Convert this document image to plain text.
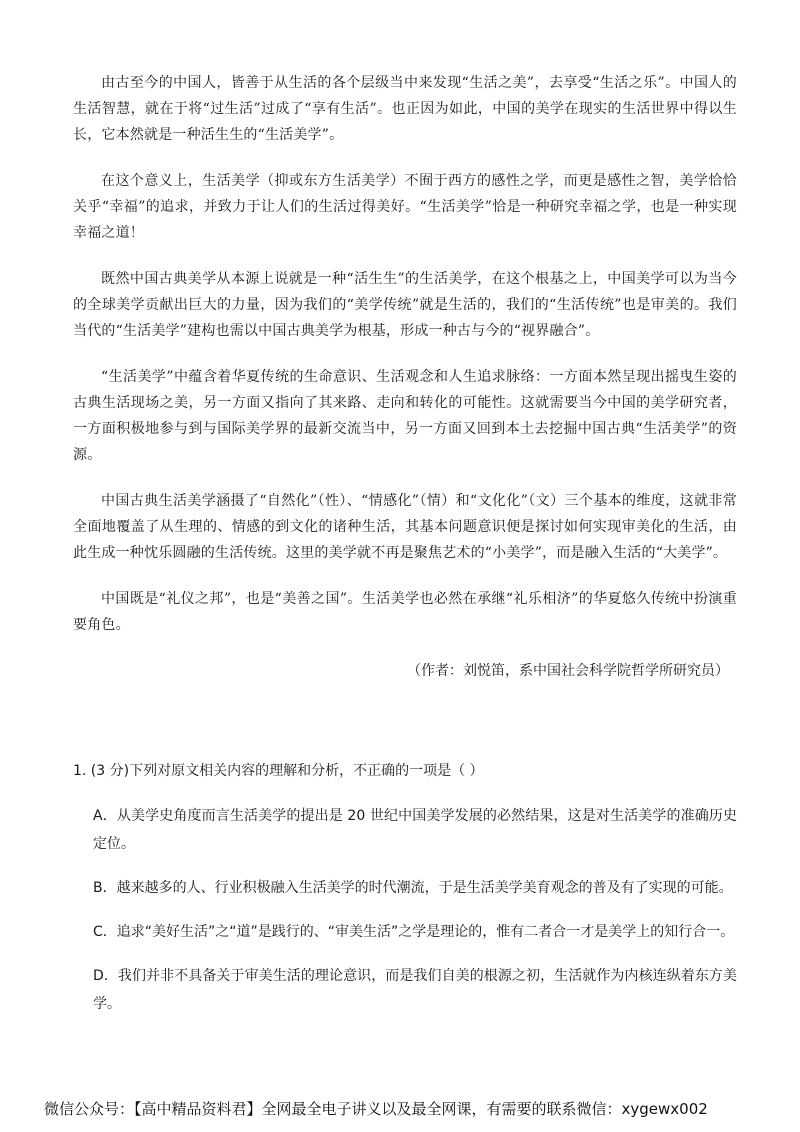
由古至今的中国人，皆善于从生活的各个层级当中来发现“生活之美”，去享受“生活之乐”。中国人的生活智慧，就在于将“过生活”过成了“享有生活”。也正因为如此，中国的美学在现实的生活世界中得以生长，它本然就是一种活生生的“生活美学”。

在这个意义上，生活美学（抑或东方生活美学）不囿于西方的感性之学，而更是感性之智，美学恰恰关乎“幸福”的追求，并致力于让人们的生活过得美好。“生活美学”恰是一种研究幸福之学，也是一种实现幸福之道！

既然中国古典美学从本源上说就是一种“活生生”的生活美学，在这个根基之上，中国美学可以为当今的全球美学贡献出巨大的力量，因为我们的“美学传统”就是生活的，我们的“生活传统”也是审美的。我们当代的“生活美学”建构也需以中国古典美学为根基，形成一种古与今的“视界融合”。

“生活美学”中蕴含着华夏传统的生命意识、生活观念和人生追求脉络：一方面本然呈现出摇曳生姿的古典生活现场之美，另一方面又指向了其来路、走向和转化的可能性。这就需要当今中国的美学研究者，一方面积极地参与到与国际美学界的最新交流当中，另一方面又回到本土去挖掘中国古典“生活美学”的资源。

中国古典生活美学涵摄了“自然化”（性）、“情感化”（情）和“文化化”（文）三个基本的维度，这就非常全面地覆盖了从生理的、情感的到文化的诸种生活，其基本问题意识便是探讨如何实现审美化的生活，由此生成一种忱乐圆融的生活传统。这里的美学就不再是聚焦艺术的“小美学”，而是融入生活的“大美学”。

中国既是“礼仪之邦”，也是“美善之国”。生活美学也必然在承继“礼乐相济”的华夏悠久传统中扮演重要角色。

（作者：刘悦笛，系中国社会科学院哲学所研究员）

1. (3 分)下列对原文相关内容的理解和分析，不正确的一项是（ ）

A．从美学史角度而言生活美学的提出是 20 世纪中国美学发展的必然结果，这是对生活美学的准确历史定位。

B．越来越多的人、行业积极融入生活美学的时代潮流，于是生活美学美育观念的普及有了实现的可能。

C．追求“美好生活”之“道”是践行的、“审美生活”之学是理论的，惟有二者合一才是美学上的知行合一。

D．我们并非不具备关于审美生活的理论意识，而是我们自美的根源之初，生活就作为内核连纵着东方美学。

微信公众号：【高中精品资料君】全网最全电子讲义以及最全网课，有需要的联系微信：xygewx002
